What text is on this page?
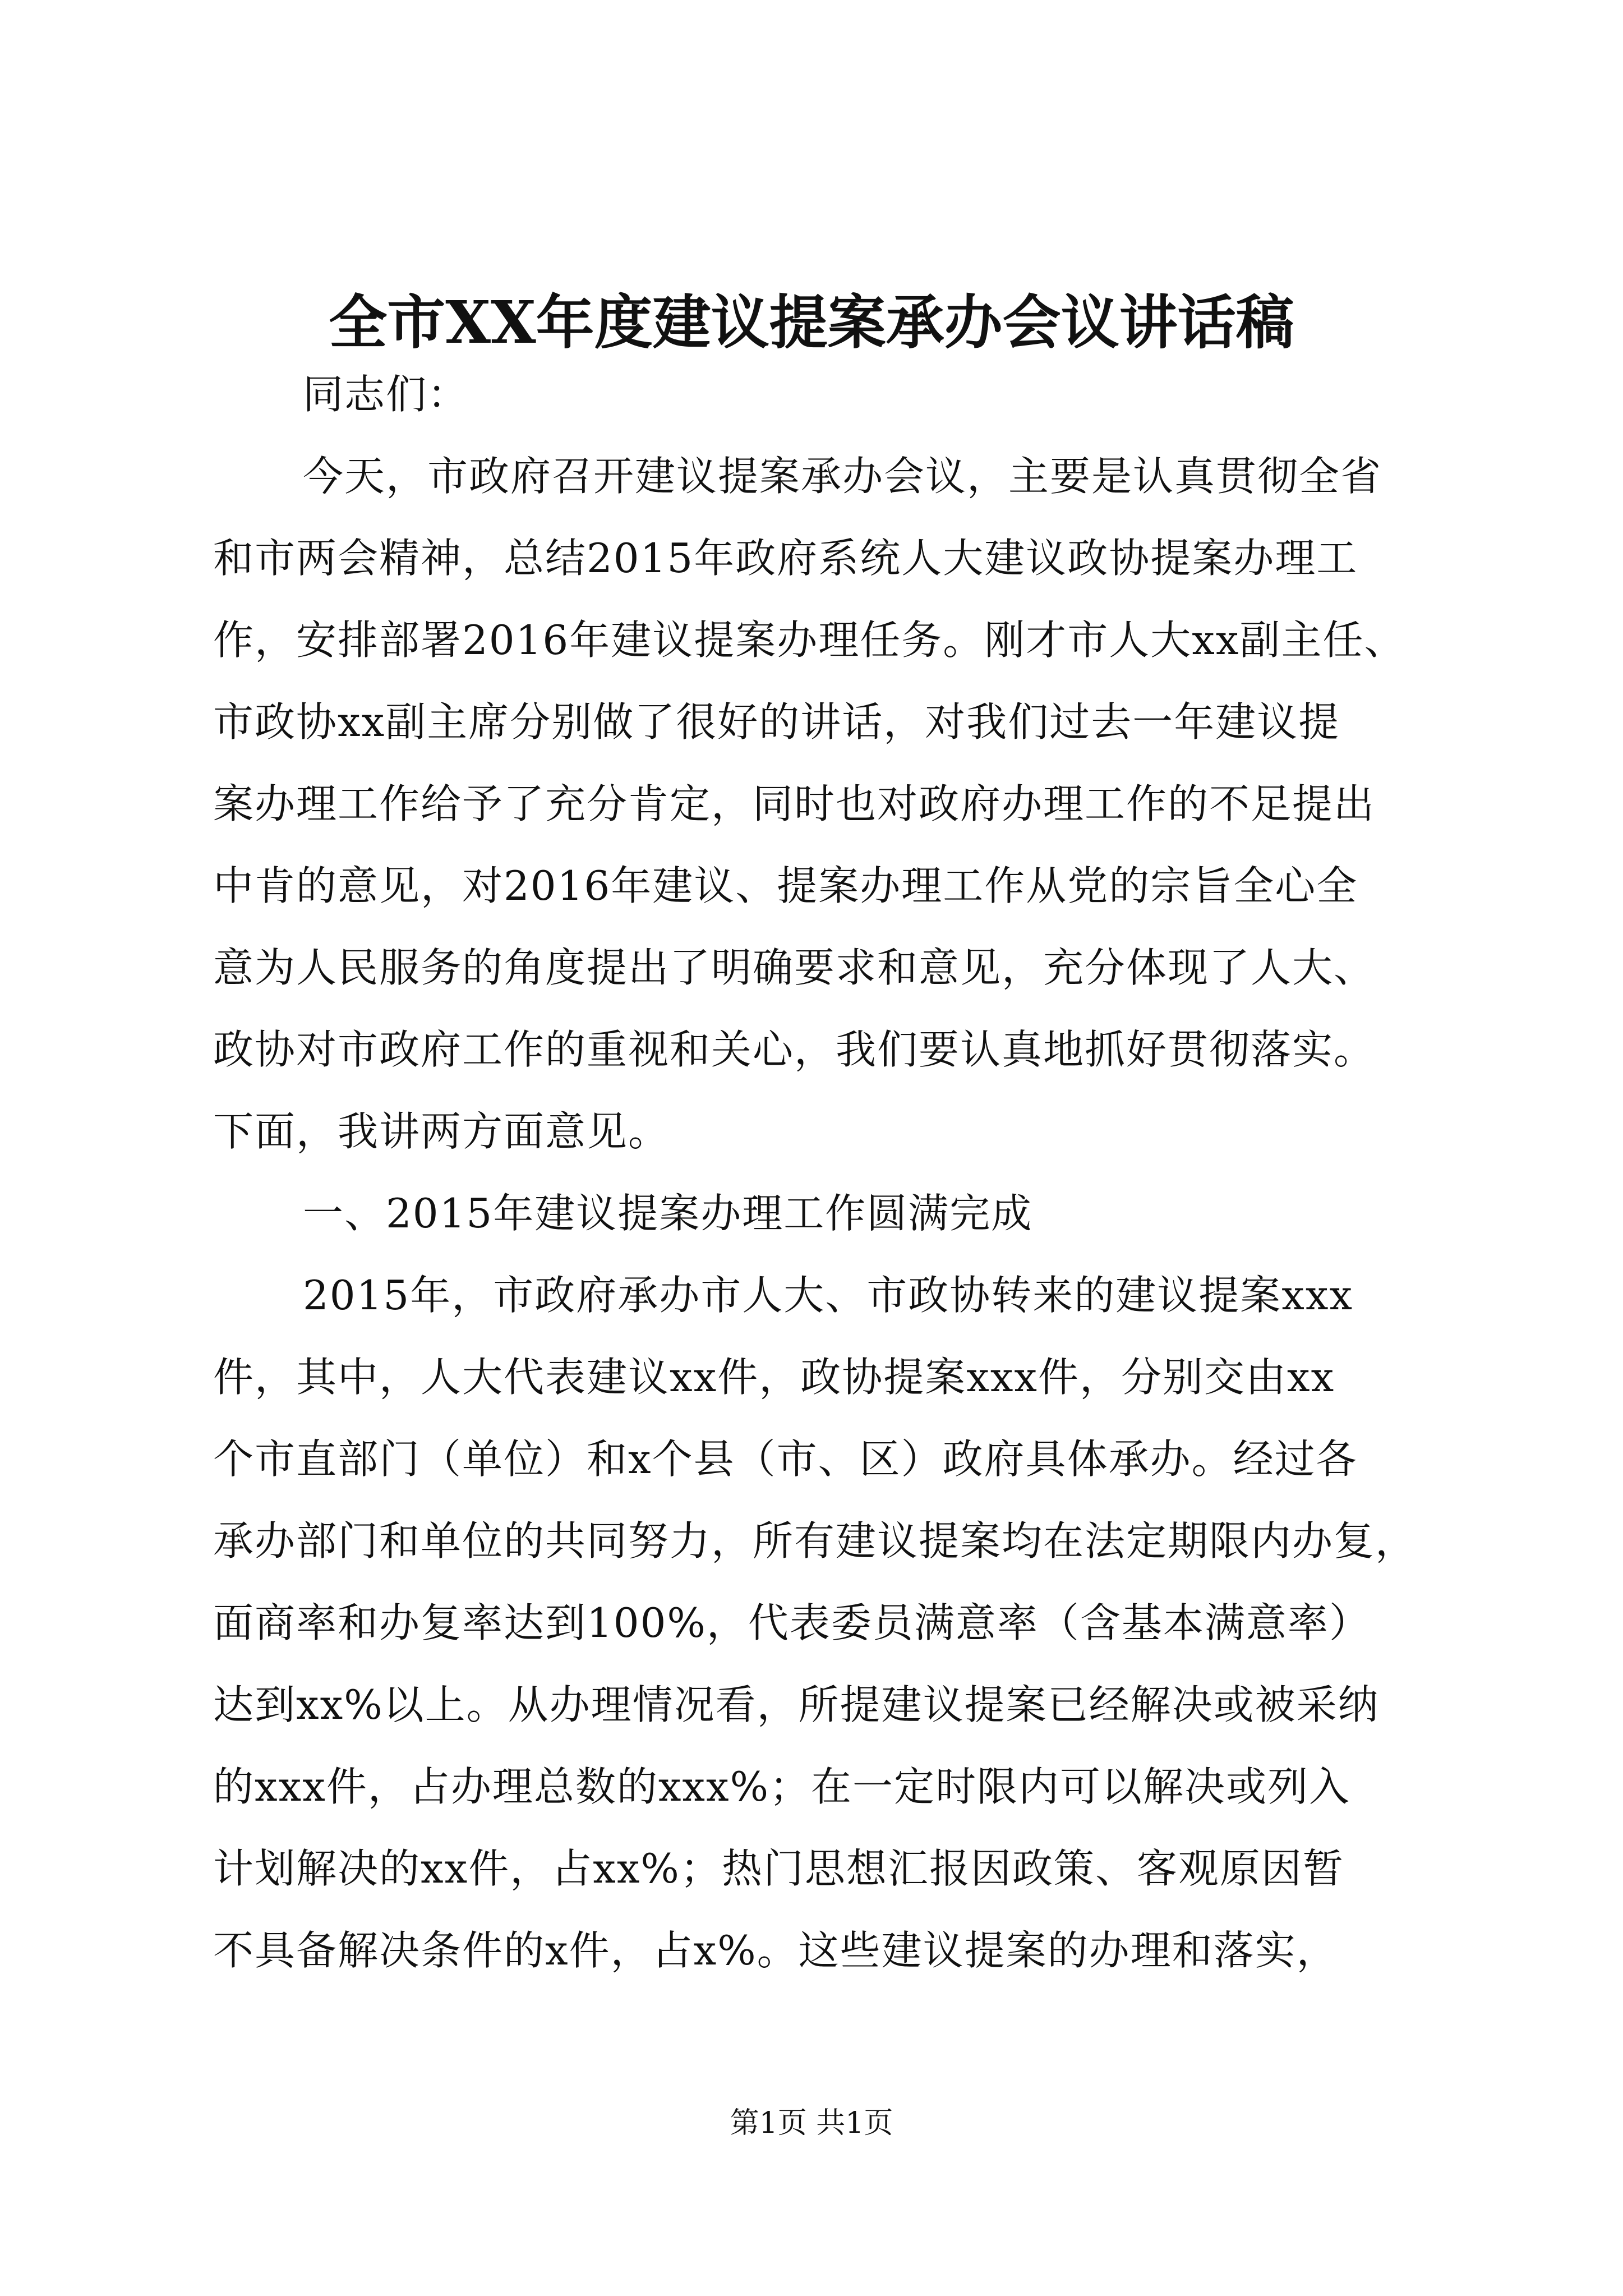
全市XX年度建议提案承办会议讲话稿
同志们：
今天，市政府召开建议提案承办会议，主要是认真贯彻全省
和市两会精神，总结2015年政府系统人大建议政协提案办理工
作，安排部署2016年建议提案办理任务。刚才市人大xx副主任、
市政协xx副主席分别做了很好的讲话，对我们过去一年建议提
案办理工作给予了充分肯定，同时也对政府办理工作的不足提出
中肯的意见，对2016年建议、提案办理工作从党的宗旨全心全
意为人民服务的角度提出了明确要求和意见，充分体现了人大、
政协对市政府工作的重视和关心，我们要认真地抓好贯彻落实。
下面，我讲两方面意见。
一、2015年建议提案办理工作圆满完成
2015年，市政府承办市人大、市政协转来的建议提案xxx
件，其中，人大代表建议xx件，政协提案xxx件，分别交由xx
个市直部门（单位）和x个县（市、区）政府具体承办。经过各
承办部门和单位的共同努力，所有建议提案均在法定期限内办复，
面商率和办复率达到100%，代表委员满意率（含基本满意率）
达到xx%以上。从办理情况看，所提建议提案已经解决或被采纳
的xxx件，占办理总数的xxx%；在一定时限内可以解决或列入
计划解决的xx件，占xx%；热门思想汇报因政策、客观原因暂
不具备解决条件的x件，占x%。这些建议提案的办理和落实，
第1页 共1页
